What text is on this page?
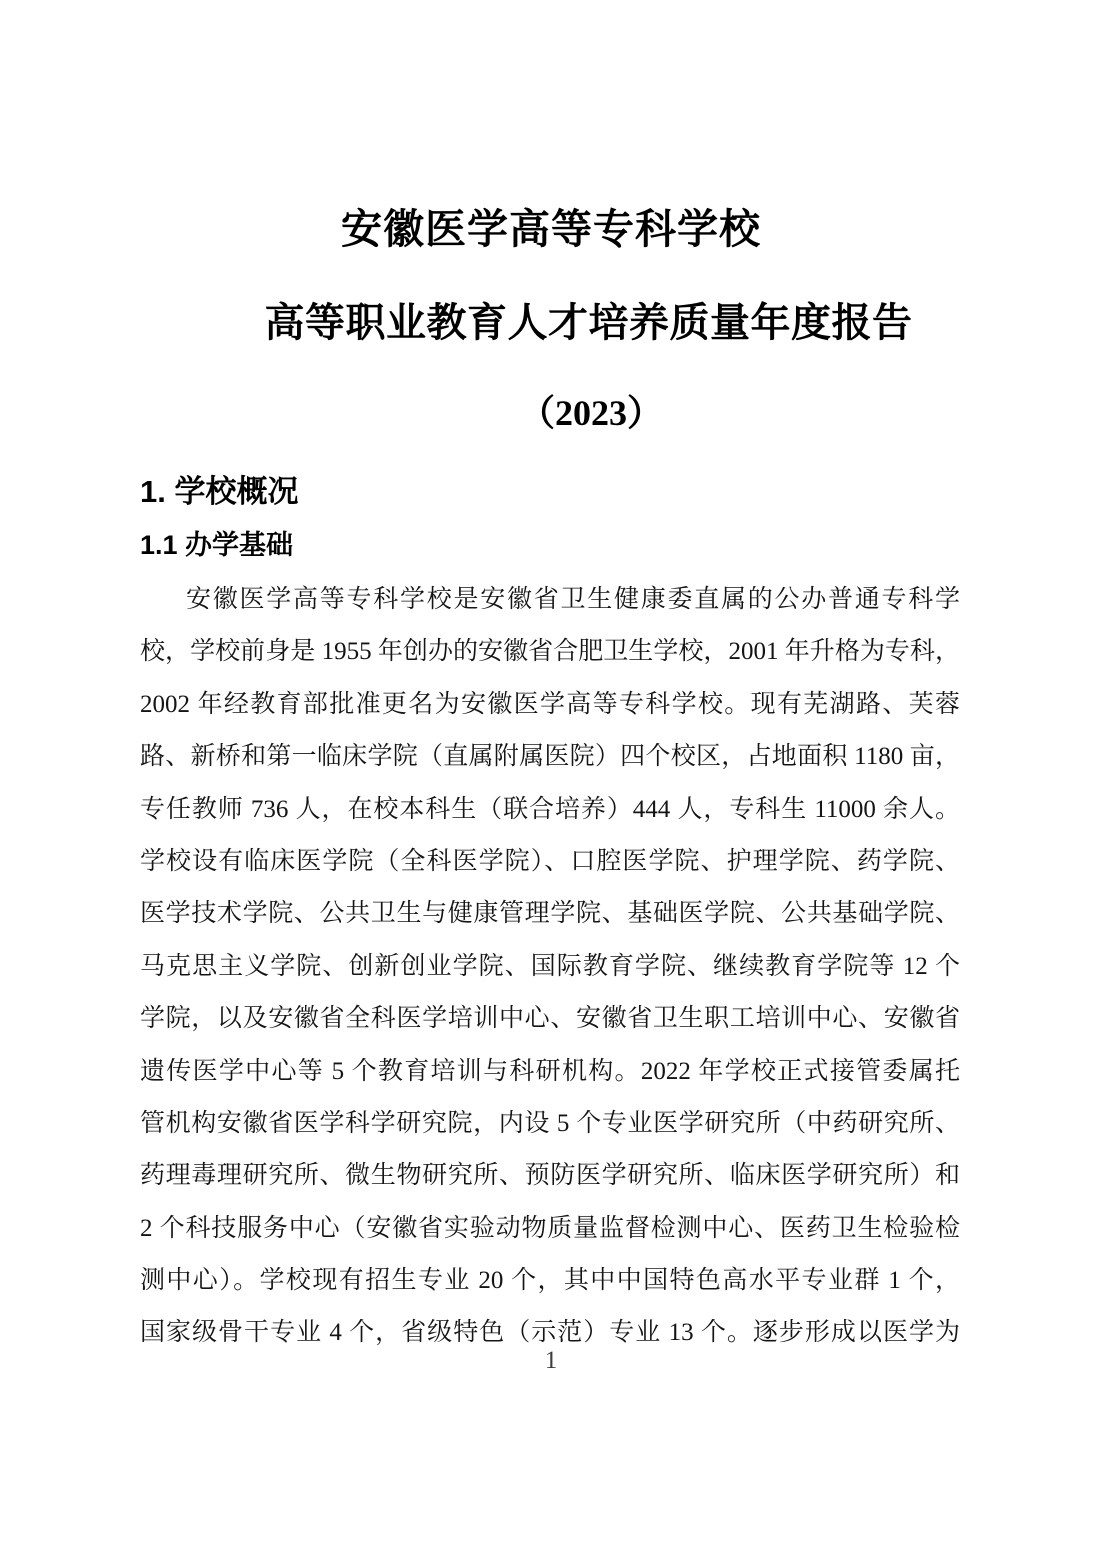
安徽医学高等专科学校
高等职业教育人才培养质量年度报告
（2023）
1. 学校概况
1.1 办学基础
安徽医学高等专科学校是安徽省卫生健康委直属的公办普通专科学
校，学校前身是 1955 年创办的安徽省合肥卫生学校，2001 年升格为专科，
2002 年经教育部批准更名为安徽医学高等专科学校。现有芜湖路、芙蓉
路、新桥和第一临床学院（直属附属医院）四个校区，占地面积 1180 亩，
专任教师 736 人，在校本科生（联合培养）444 人，专科生 11000 余人。
学校设有临床医学院（全科医学院）、口腔医学院、护理学院、药学院、
医学技术学院、公共卫生与健康管理学院、基础医学院、公共基础学院、
马克思主义学院、创新创业学院、国际教育学院、继续教育学院等 12 个
学院，以及安徽省全科医学培训中心、安徽省卫生职工培训中心、安徽省
遗传医学中心等 5 个教育培训与科研机构。2022 年学校正式接管委属托
管机构安徽省医学科学研究院，内设 5 个专业医学研究所（中药研究所、
药理毒理研究所、微生物研究所、预防医学研究所、临床医学研究所）和
2 个科技服务中心（安徽省实验动物质量监督检测中心、医药卫生检验检
测中心）。学校现有招生专业 20 个，其中中国特色高水平专业群 1 个，
国家级骨干专业 4 个，省级特色（示范）专业 13 个。逐步形成以医学为
1
